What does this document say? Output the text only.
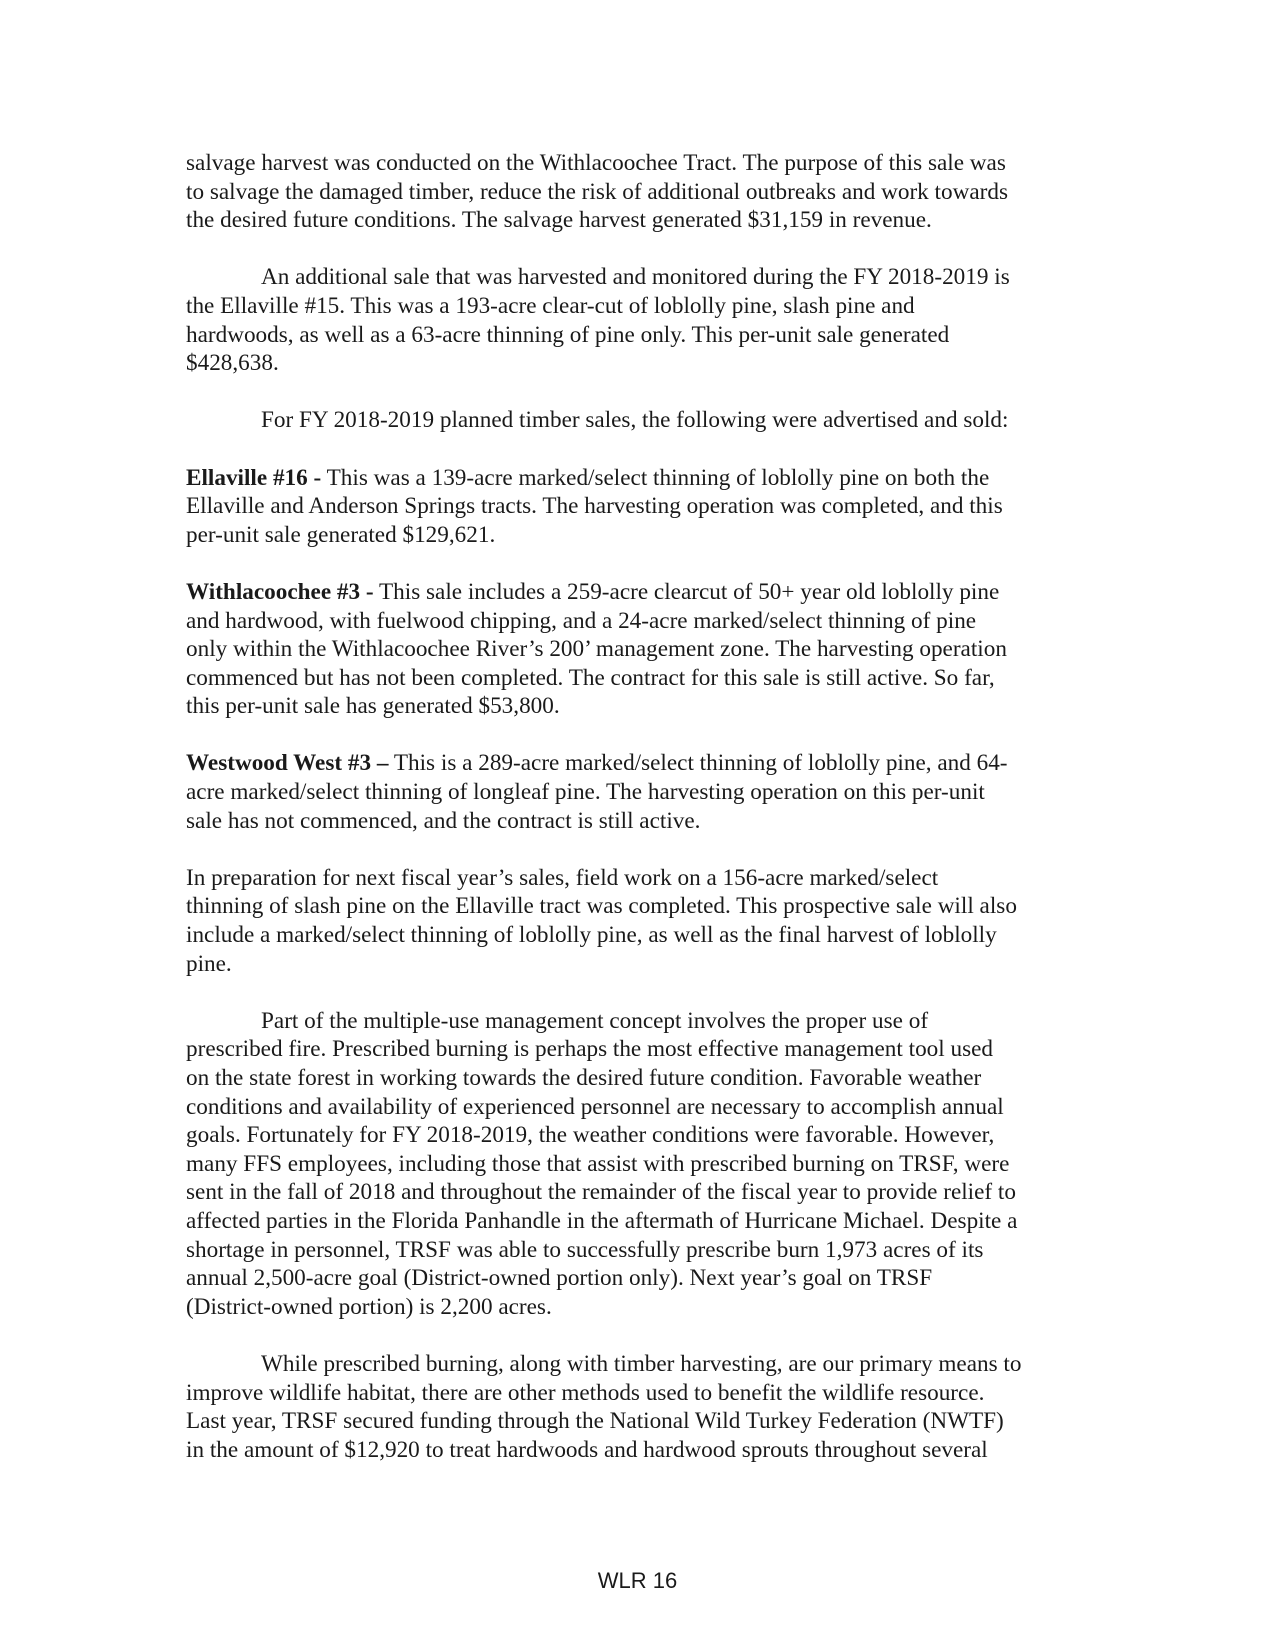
salvage harvest was conducted on the Withlacoochee Tract. The purpose of this sale was
to salvage the damaged timber, reduce the risk of additional outbreaks and work towards
the desired future conditions. The salvage harvest generated $31,159 in revenue.

An additional sale that was harvested and monitored during the FY 2018-2019 is
the Ellaville #15. This was a 193-acre clear-cut of loblolly pine, slash pine and
hardwoods, as well as a 63-acre thinning of pine only. This per-unit sale generated
$428,638.

For FY 2018-2019 planned timber sales, the following were advertised and sold:

Ellaville #16 - This was a 139-acre marked/select thinning of loblolly pine on both the
Ellaville and Anderson Springs tracts. The harvesting operation was completed, and this
per-unit sale generated $129,621.

Withlacoochee #3 - This sale includes a 259-acre clearcut of 50+ year old loblolly pine
and hardwood, with fuelwood chipping, and a 24-acre marked/select thinning of pine
only within the Withlacoochee River’s 200’ management zone. The harvesting operation
commenced but has not been completed. The contract for this sale is still active. So far,
this per-unit sale has generated $53,800.

Westwood West #3 – This is a 289-acre marked/select thinning of loblolly pine, and 64-
acre marked/select thinning of longleaf pine. The harvesting operation on this per-unit
sale has not commenced, and the contract is still active.

In preparation for next fiscal year’s sales, field work on a 156-acre marked/select
thinning of slash pine on the Ellaville tract was completed. This prospective sale will also
include a marked/select thinning of loblolly pine, as well as the final harvest of loblolly
pine.

Part of the multiple-use management concept involves the proper use of
prescribed fire. Prescribed burning is perhaps the most effective management tool used
on the state forest in working towards the desired future condition. Favorable weather
conditions and availability of experienced personnel are necessary to accomplish annual
goals. Fortunately for FY 2018-2019, the weather conditions were favorable. However,
many FFS employees, including those that assist with prescribed burning on TRSF, were
sent in the fall of 2018 and throughout the remainder of the fiscal year to provide relief to
affected parties in the Florida Panhandle in the aftermath of Hurricane Michael. Despite a
shortage in personnel, TRSF was able to successfully prescribe burn 1,973 acres of its
annual 2,500-acre goal (District-owned portion only). Next year’s goal on TRSF
(District-owned portion) is 2,200 acres.

While prescribed burning, along with timber harvesting, are our primary means to
improve wildlife habitat, there are other methods used to benefit the wildlife resource.
Last year, TRSF secured funding through the National Wild Turkey Federation (NWTF)
in the amount of $12,920 to treat hardwoods and hardwood sprouts throughout several

WLR 16
